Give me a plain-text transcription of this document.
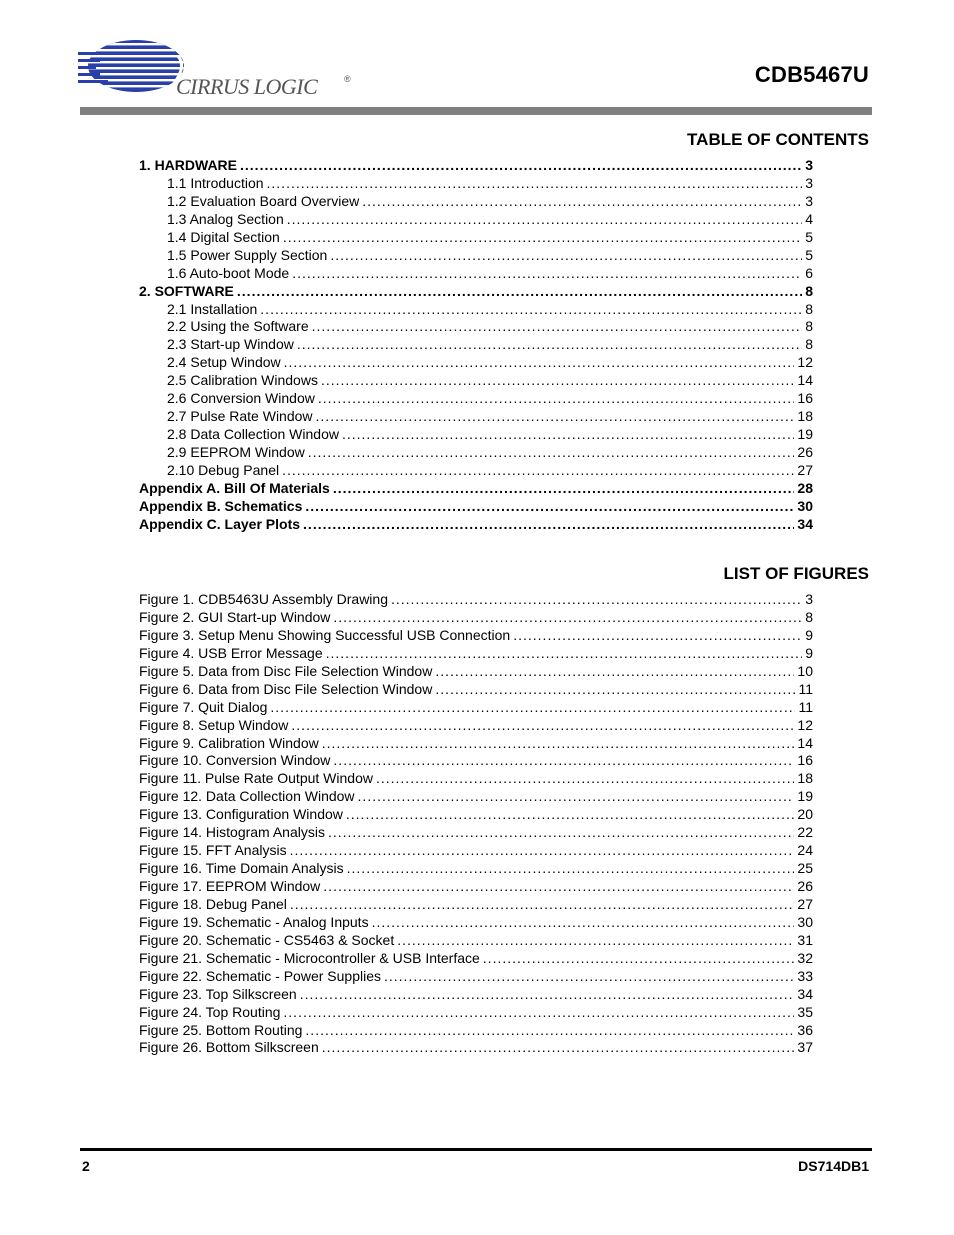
CIRRUS LOGIC	®	CDB5467U
TABLE OF CONTENTS
1. HARDWARE .....	3
1.1 Introduction .....	3
1.2 Evaluation Board Overview .....	3
1.3 Analog Section .....	4
1.4 Digital Section .....	5
1.5 Power Supply Section .....	5
1.6 Auto-boot Mode .....	6
2. SOFTWARE .....	8
2.1 Installation .....	8
2.2 Using the Software .....	8
2.3 Start-up Window .....	8
2.4 Setup Window .....	12
2.5 Calibration Windows .....	14
2.6 Conversion Window .....	16
2.7 Pulse Rate Window .....	18
2.8 Data Collection Window .....	19
2.9 EEPROM Window .....	26
2.10 Debug Panel .....	27
Appendix A. Bill Of Materials .....	28
Appendix B. Schematics .....	30
Appendix C. Layer Plots .....	34
LIST OF FIGURES
Figure 1. CDB5463U Assembly Drawing .....	3
Figure 2. GUI Start-up Window .....	8
Figure 3. Setup Menu Showing Successful USB Connection .....	9
Figure 4. USB Error Message .....	9
Figure 5. Data from Disc File Selection Window .....	10
Figure 6. Data from Disc File Selection Window .....	11
Figure 7. Quit Dialog .....	11
Figure 8. Setup Window .....	12
Figure 9. Calibration Window .....	14
Figure 10. Conversion Window .....	16
Figure 11. Pulse Rate Output Window .....	18
Figure 12. Data Collection Window .....	19
Figure 13. Configuration Window .....	20
Figure 14. Histogram Analysis .....	22
Figure 15. FFT Analysis .....	24
Figure 16. Time Domain Analysis .....	25
Figure 17. EEPROM Window .....	26
Figure 18. Debug Panel .....	27
Figure 19. Schematic - Analog Inputs .....	30
Figure 20. Schematic - CS5463 & Socket .....	31
Figure 21. Schematic - Microcontroller & USB Interface .....	32
Figure 22. Schematic - Power Supplies .....	33
Figure 23. Top Silkscreen .....	34
Figure 24. Top Routing .....	35
Figure 25. Bottom Routing .....	36
Figure 26. Bottom Silkscreen .....	37
2	DS714DB1
